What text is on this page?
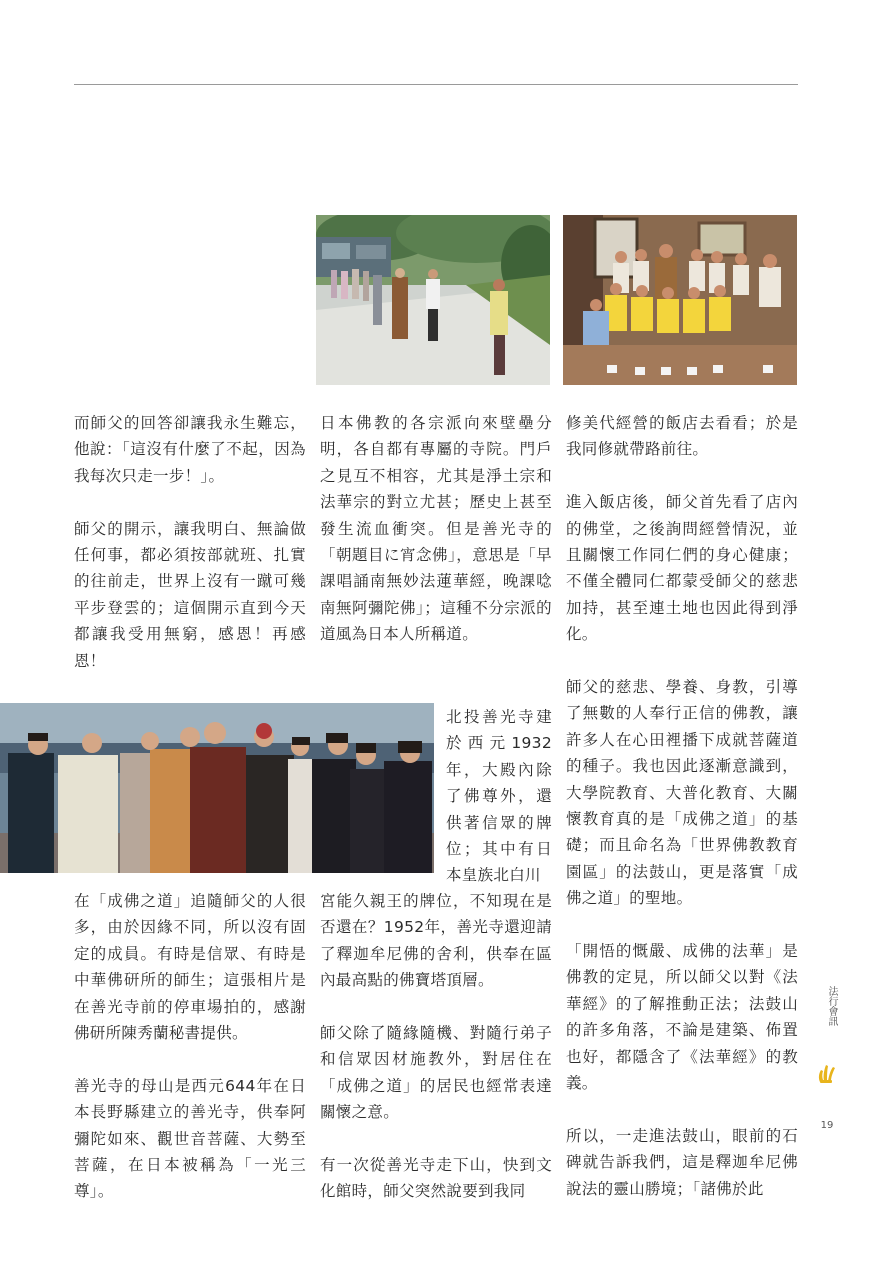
而師父的回答卻讓我永生難忘，他說：「這沒有什麼了不起，因為我每次只走一步！」。

師父的開示，讓我明白、無論做任何事，都必須按部就班、扎實的往前走，世界上沒有一蹴可幾平步登雲的；這個開示直到今天都讓我受用無窮，感恩！再感恩！

在「成佛之道」追隨師父的人很多，由於因緣不同，所以沒有固定的成員。有時是信眾、有時是中華佛研所的師生；這張相片是在善光寺前的停車場拍的，感謝佛研所陳秀蘭秘書提供。

善光寺的母山是西元644年在日本長野縣建立的善光寺，供奉阿彌陀如來、觀世音菩薩、大勢至菩薩，在日本被稱為「一光三尊」。

日本佛教的各宗派向來壁壘分明，各自都有專屬的寺院。門戶之見互不相容，尤其是淨土宗和法華宗的對立尤甚；歷史上甚至發生流血衝突。但是善光寺的「朝題目に宵念佛」，意思是「早課唱誦南無妙法蓮華經，晚課唸南無阿彌陀佛」；這種不分宗派的道風為日本人所稱道。

北投善光寺建於西元1932年，大殿內除了佛尊外，還供著信眾的牌位；其中有日本皇族北白川

宮能久親王的牌位，不知現在是否還在？1952年，善光寺還迎請了釋迦牟尼佛的舍利，供奉在區內最高點的佛寶塔頂層。

師父除了隨緣隨機、對隨行弟子和信眾因材施教外，對居住在「成佛之道」的居民也經常表達關懷之意。

有一次從善光寺走下山，快到文化館時，師父突然說要到我同

修美代經營的飯店去看看；於是我同修就帶路前往。

進入飯店後，師父首先看了店內的佛堂，之後詢問經營情況，並且關懷工作同仁們的身心健康；不僅全體同仁都蒙受師父的慈悲加持，甚至連土地也因此得到淨化。

師父的慈悲、學養、身教，引導了無數的人奉行正信的佛教，讓許多人在心田裡播下成就菩薩道的種子。我也因此逐漸意識到，大學院教育、大普化教育、大關懷教育真的是「成佛之道」的基礎；而且命名為「世界佛教教育園區」的法鼓山，更是落實「成佛之道」的聖地。

「開悟的慨嚴、成佛的法華」是佛教的定見，所以師父以對《法華經》的了解推動正法；法鼓山的許多角落，不論是建築、佈置也好，都隱含了《法華經》的教義。

所以，一走進法鼓山，眼前的石碑就告訴我們，這是釋迦牟尼佛說法的靈山勝境；「諸佛於此

法行會訊
19
